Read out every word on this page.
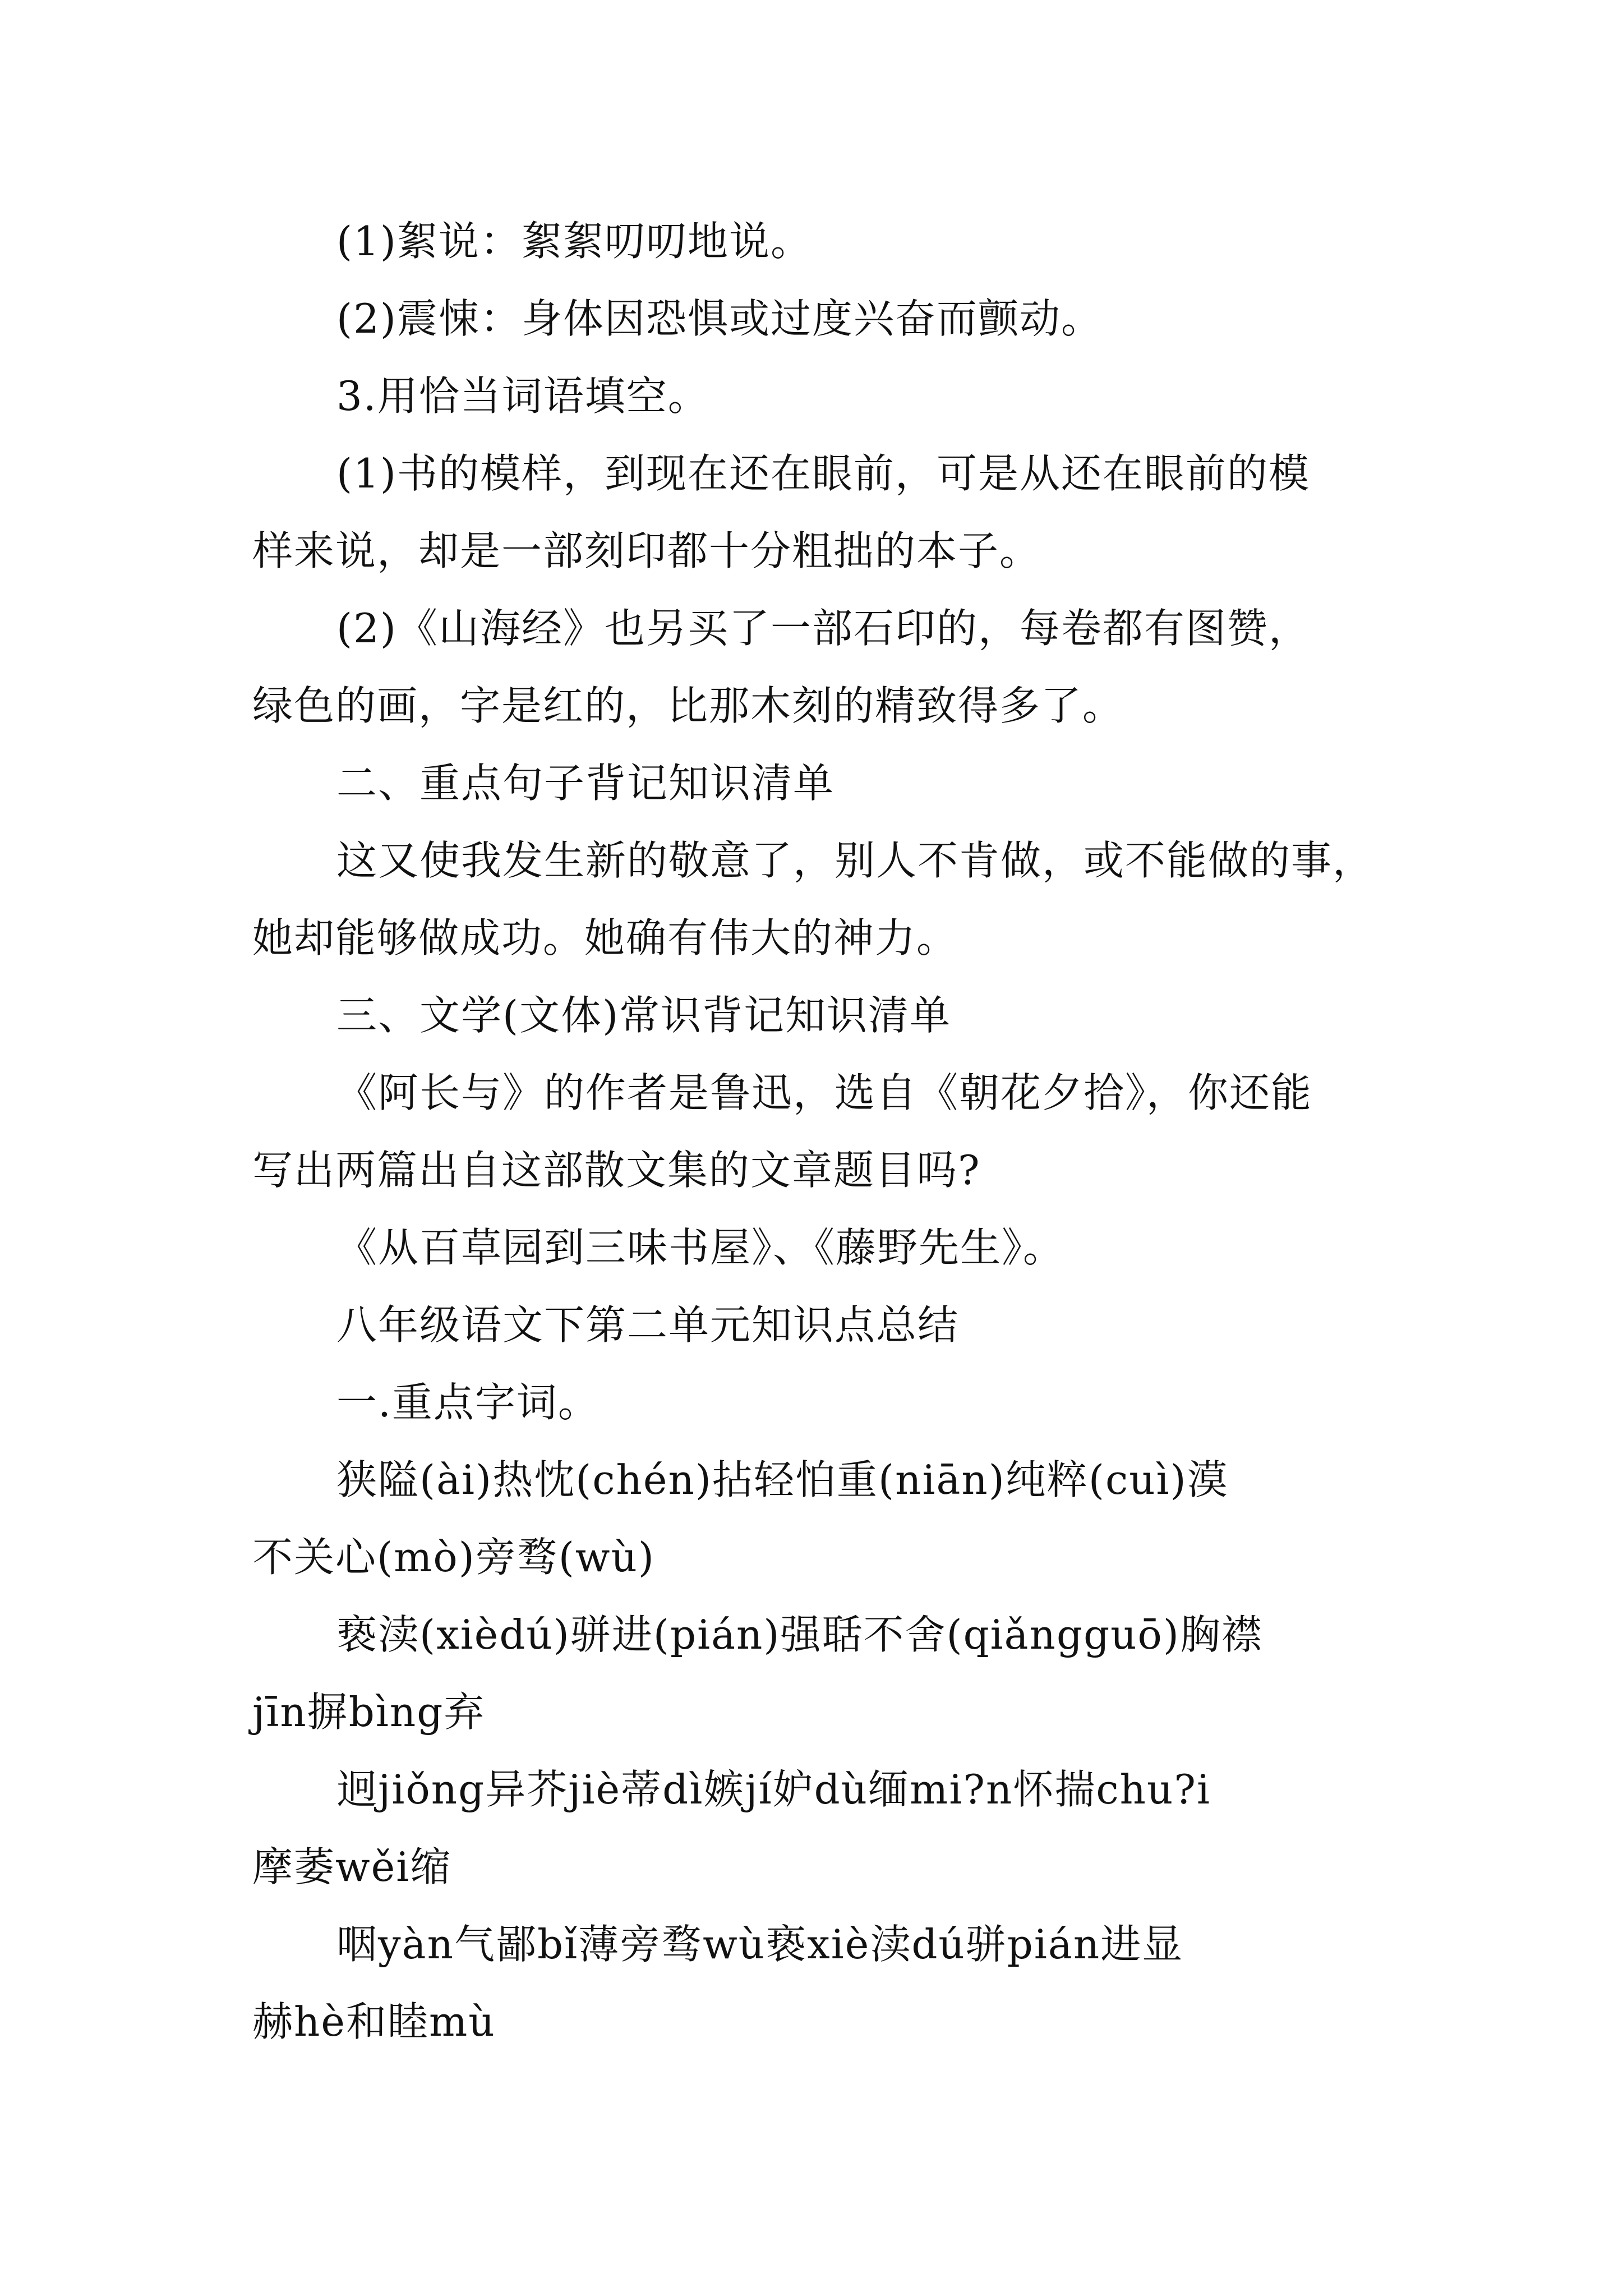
(1)絮说：絮絮叨叨地说。
(2)震悚：身体因恐惧或过度兴奋而颤动。
3.用恰当词语填空。
(1)书的模样，到现在还在眼前，可是从还在眼前的模
样来说，却是一部刻印都十分粗拙的本子。
(2)《山海经》也另买了一部石印的，每卷都有图赞，
绿色的画，字是红的，比那木刻的精致得多了。
二、重点句子背记知识清单
这又使我发生新的敬意了，别人不肯做，或不能做的事，
她却能够做成功。她确有伟大的神力。
三、文学(文体)常识背记知识清单
《阿长与》的作者是鲁迅，选自《朝花夕拾》，你还能
写出两篇出自这部散文集的文章题目吗?
《从百草园到三味书屋》、《藤野先生》。
八年级语文下第二单元知识点总结
一.重点字词。
狭隘(ài)热忱(chén)拈轻怕重(niān)纯粹(cuì)漠
不关心(mò)旁骛(wù)
亵渎(xièdú)骈进(pián)强聒不舍(qiǎngguō)胸襟
jīn摒bìng弃
迥jiǒng异芥jiè蒂dì嫉jí妒dù缅mi?n怀揣chu?i
摩萎wěi缩
咽yàn气鄙bǐ薄旁骛wù亵xiè渎dú骈pián进显
赫hè和睦mù
